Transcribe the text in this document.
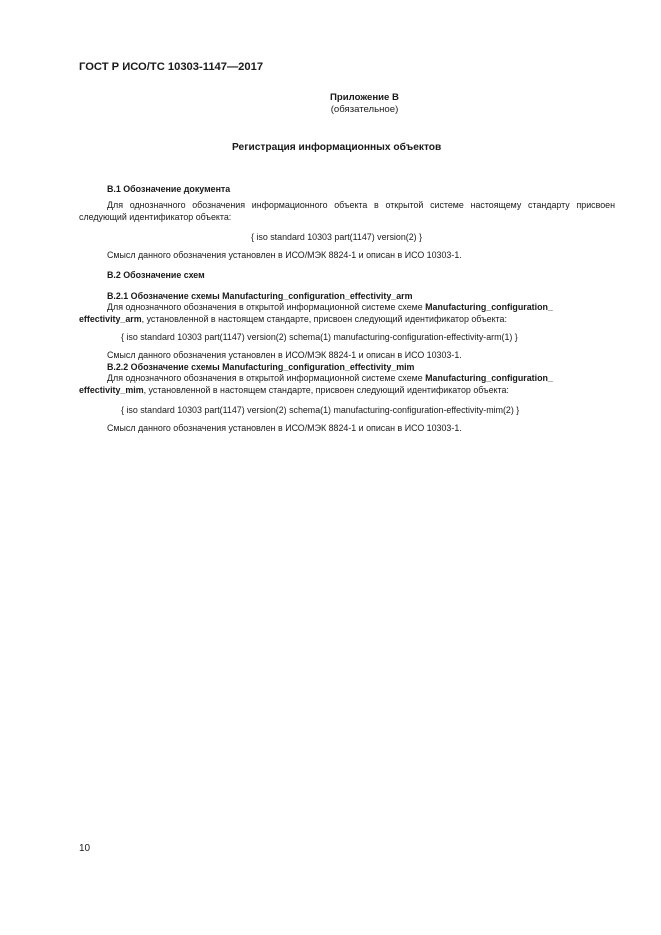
ГОСТ Р ИСО/ТС 10303-1147—2017
Приложение В
(обязательное)
Регистрация информационных объектов
В.1 Обозначение документа
Для однозначного обозначения информационного объекта в открытой системе настоящему стандарту присвоен следующий идентификатор объекта:
{ iso standard 10303 part(1147) version(2) }
Смысл данного обозначения установлен в ИСО/МЭК 8824-1 и описан в ИСО 10303-1.
В.2 Обозначение схем
В.2.1 Обозначение схемы Manufacturing_configuration_effectivity_arm
Для однозначного обозначения в открытой информационной системе схеме Manufacturing_configuration_
effectivity_arm, установленной в настоящем стандарте, присвоен следующий идентификатор объекта:
{ iso standard 10303 part(1147) version(2) schema(1) manufacturing-configuration-effectivity-arm(1) }
Смысл данного обозначения установлен в ИСО/МЭК 8824-1 и описан в ИСО 10303-1.
В.2.2 Обозначение схемы Manufacturing_configuration_effectivity_mim
Для однозначного обозначения в открытой информационной системе схеме Manufacturing_configuration_
effectivity_mim, установленной в настоящем стандарте, присвоен следующий идентификатор объекта:
{ iso standard 10303 part(1147) version(2) schema(1) manufacturing-configuration-effectivity-mim(2) }
Смысл данного обозначения установлен в ИСО/МЭК 8824-1 и описан в ИСО 10303-1.
10
